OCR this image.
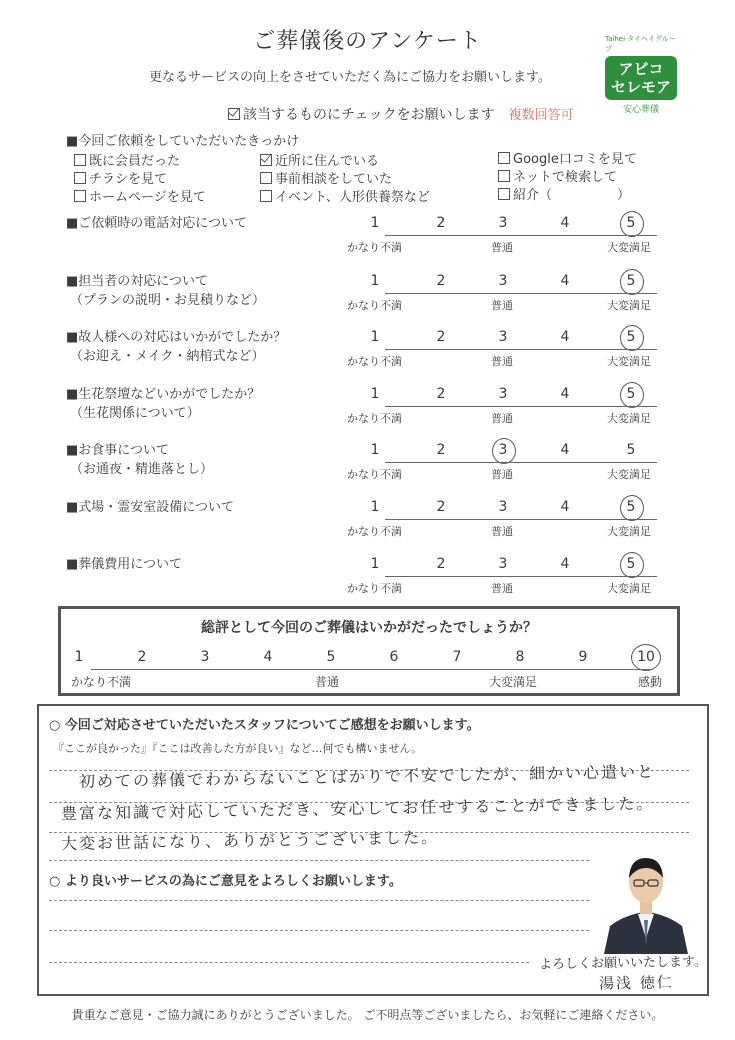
ご葬儀後のアンケート
更なるサービスの向上をさせていただく為にご協力をお願いします。
Taihei タイヘイグループ
アビコ
セレモア
安心葬儀
該当するものにチェックをお願いします 複数回答可
■今回ご依頼をしていただいたきっかけ
既に会員だった
チラシを見て
ホームページを見て
近所に住んでいる
事前相談をしていた
イベント、人形供養祭など
Google口コミを見て
ネットで検索して
紹介（　　　　　）
■ご依頼時の電話対応について	1	2	3	4	5
かなり不満	普通	大変満足
■担当者の対応について
（プランの説明・お見積りなど）
1	2	3	4	5
かなり不満	普通	大変満足
■故人様への対応はいかがでしたか？
（お迎え・メイク・納棺式など）
1	2	3	4	5
かなり不満	普通	大変満足
■生花祭壇などいかがでしたか？
（生花関係について）
1	2	3	4	5
かなり不満	普通	大変満足
■お食事について
（お通夜・精進落とし）
1	2	3	4	5
かなり不満	普通	大変満足
■式場・霊安室設備について	1	2	3	4	5
かなり不満	普通	大変満足
■葬儀費用について	1	2	3	4	5
かなり不満	普通	大変満足
総評として今回のご葬儀はいかがだったでしょうか？
1	2	3	4	5	6	7	8	9	10
かなり不満	普通	大変満足	感動
○ 今回ご対応させていただいたスタッフについてご感想をお願いします。
『ここが良かった』『ここは改善した方が良い』など…何でも構いません。
初めての葬儀でわからないことばかりで不安でしたが、細かい心遣いと
豊富な知識で対応していただき、安心してお任せすることができました。
大変お世話になり、ありがとうございました。
○ より良いサービスの為にご意見をよろしくお願いします。
よろしくお願いいたします。
湯浅 徳仁
貴重なご意見・ご協力誠にありがとうございました。 ご不明点等ございましたら、お気軽にご連絡ください。
